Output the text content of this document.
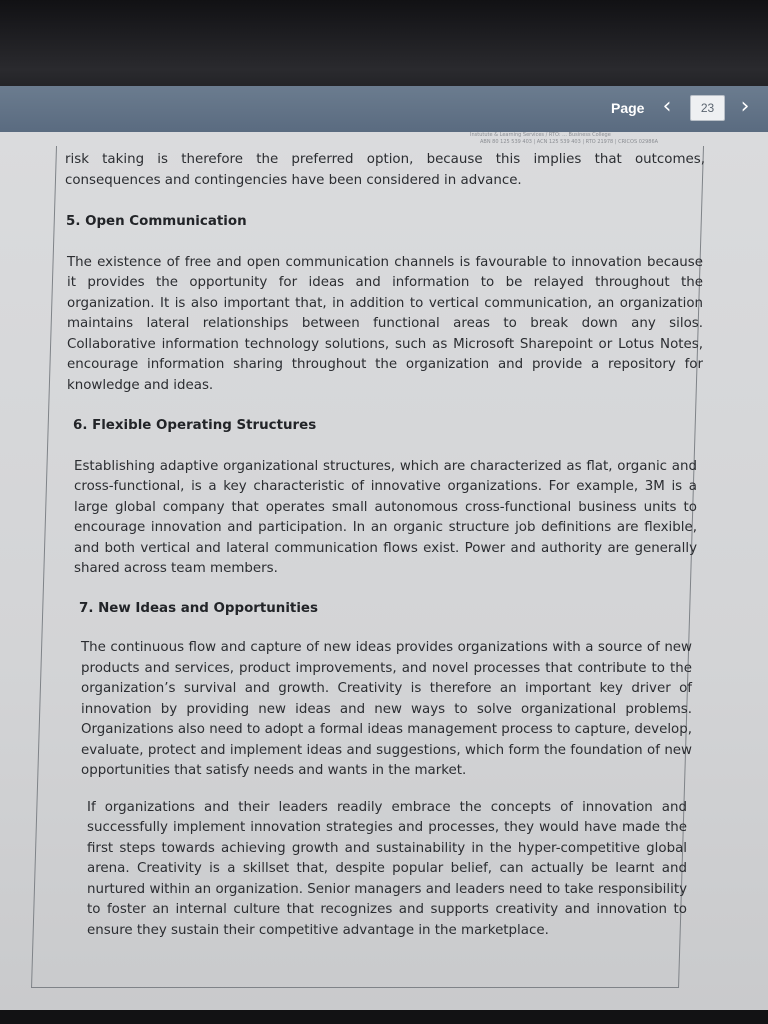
Page ‹	23	›
Instutute & Learning Services / RTO: ... Business College
ABN 80 125 539 403 | ACN 125 539 403 | RTO 21978 | CRICOS 02986A

risk taking is therefore the preferred option, because this implies that outcomes, consequences and contingencies have been considered in advance.

5. Open Communication

The existence of free and open communication channels is favourable to innovation because it provides the opportunity for ideas and information to be relayed throughout the organization. It is also important that, in addition to vertical communication, an organization maintains lateral relationships between functional areas to break down any silos. Collaborative information technology solutions, such as Microsoft Sharepoint or Lotus Notes, encourage information sharing throughout the organization and provide a repository for knowledge and ideas.

6. Flexible Operating Structures

Establishing adaptive organizational structures, which are characterized as flat, organic and cross-functional, is a key characteristic of innovative organizations. For example, 3M is a large global company that operates small autonomous cross-functional business units to encourage innovation and participation. In an organic structure job definitions are flexible, and both vertical and lateral communication flows exist. Power and authority are generally shared across team members.

7. New Ideas and Opportunities

The continuous flow and capture of new ideas provides organizations with a source of new products and services, product improvements, and novel processes that contribute to the organization’s survival and growth. Creativity is therefore an important key driver of innovation by providing new ideas and new ways to solve organizational problems. Organizations also need to adopt a formal ideas management process to capture, develop, evaluate, protect and implement ideas and suggestions, which form the foundation of new opportunities that satisfy needs and wants in the market.

If organizations and their leaders readily embrace the concepts of innovation and successfully implement innovation strategies and processes, they would have made the first steps towards achieving growth and sustainability in the hyper-competitive global arena. Creativity is a skillset that, despite popular belief, can actually be learnt and nurtured within an organization. Senior managers and leaders need to take responsibility to foster an internal culture that recognizes and supports creativity and innovation to ensure they sustain their competitive advantage in the marketplace.
